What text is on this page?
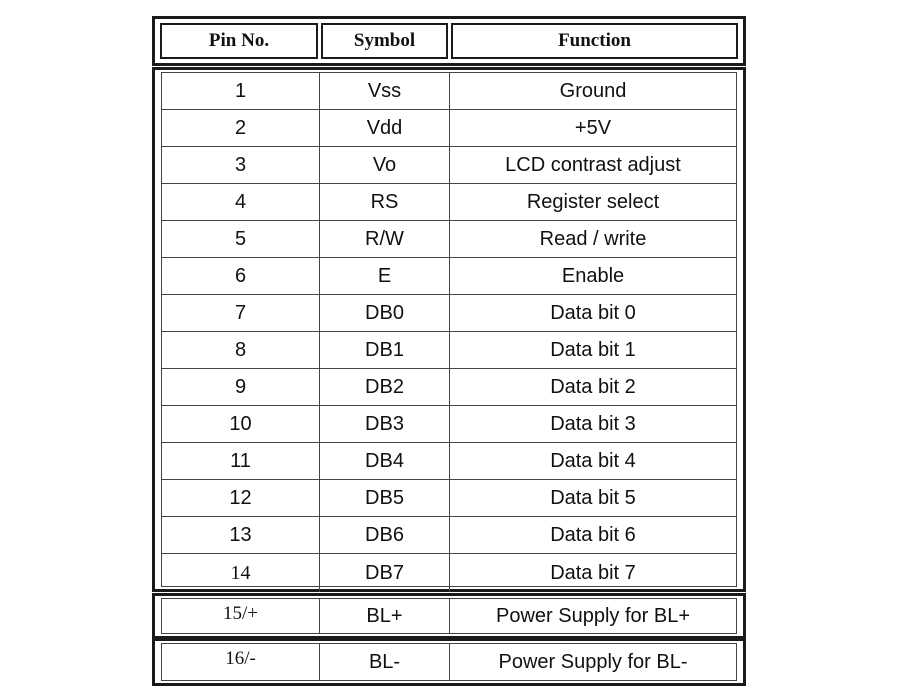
Pin No.	Symbol	Function
1	Vss	Ground
2	Vdd	+5V
3	Vo	LCD contrast adjust
4	RS	Register select
5	R/W	Read / write
6	E	Enable
7	DB0	Data bit 0
8	DB1	Data bit 1
9	DB2	Data bit 2
10	DB3	Data bit 3
11	DB4	Data bit 4
12	DB5	Data bit 5
13	DB6	Data bit 6
14	DB7	Data bit 7
15/+	BL+	Power Supply for BL+
16/-	BL-	Power Supply for BL-
